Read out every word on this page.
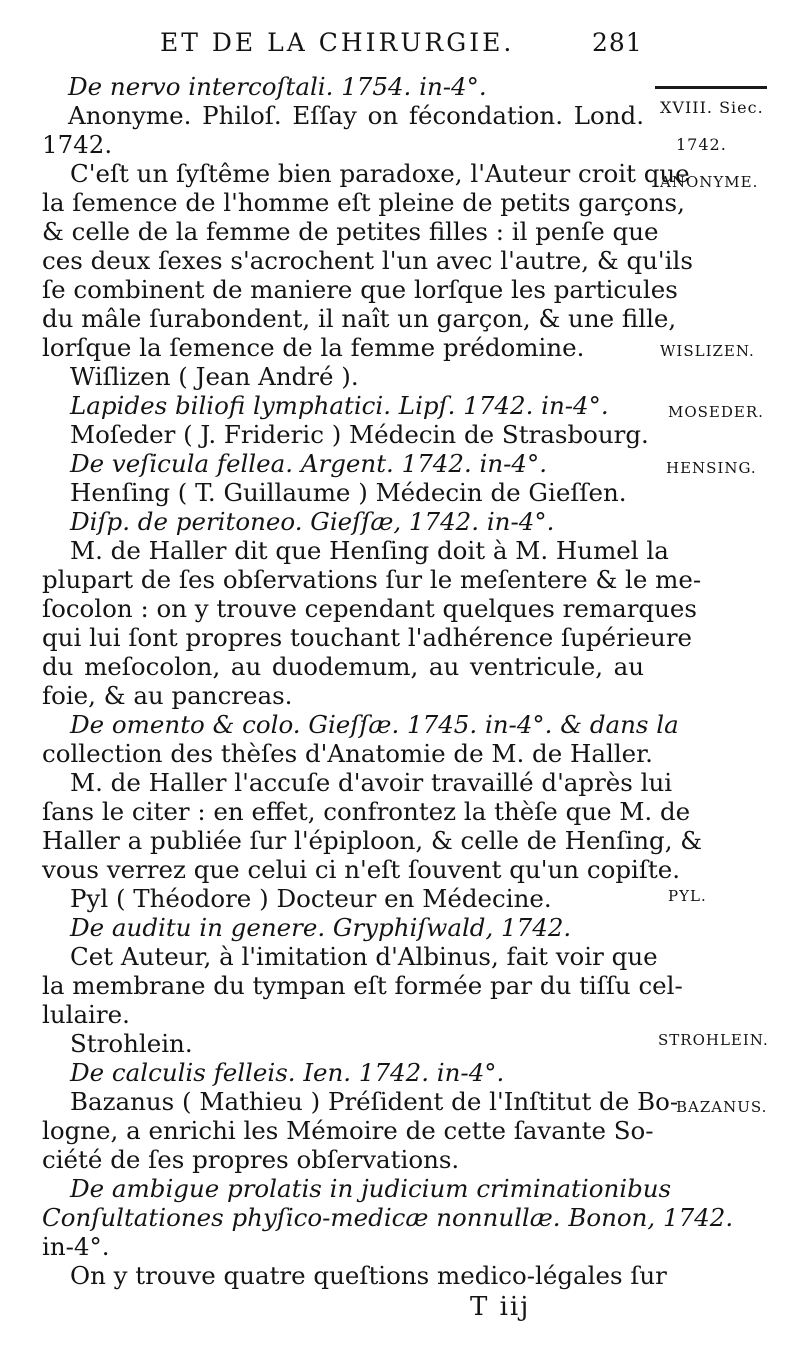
ET DE LA CHIRURGIE.	281
XVIII. Siec.
1742.
ANONYME.
WISLIZEN.
MOSEDER.
HENSING.
PYL.
STROHLEIN.
BAZANUS.
De nervo intercoſtali. 1754. in-4°.
Anonyme. Philoſ. Eſſay on fécondation. Lond.
1742.
C'eſt un ſyſtême bien paradoxe, l'Auteur croit que
la ſemence de l'homme eſt pleine de petits garçons,
& celle de la femme de petites filles : il penſe que
ces deux ſexes s'acrochent l'un avec l'autre, & qu'ils
ſe combinent de maniere que lorſque les particules
du mâle ſurabondent, il naît un garçon, & une fille,
lorſque la ſemence de la femme prédomine.
Wiſlizen ( Jean André ).
Lapides biliofi lymphatici. Lipſ. 1742. in-4°.
Moſeder ( J. Frideric ) Médecin de Strasbourg.
De veſicula fellea. Argent. 1742. in-4°.
Henſing ( T. Guillaume ) Médecin de Gieſſen.
Diſp. de peritoneo. Gieſſæ, 1742. in-4°.
M. de Haller dit que Henſing doit à M. Humel la
plupart de ſes obſervations ſur le meſentere & le me-
ſocolon : on y trouve cependant quelques remarques
qui lui ſont propres touchant l'adhérence ſupérieure
du meſocolon, au duodemum, au ventricule, au
foie, & au pancreas.
De omento & colo. Gieſſæ. 1745. in-4°. & dans la
collection des thèſes d'Anatomie de M. de Haller.
M. de Haller l'accuſe d'avoir travaillé d'après lui
ſans le citer : en effet, confrontez la thèſe que M. de
Haller a publiée ſur l'épiploon, & celle de Henſing, &
vous verrez que celui ci n'eſt ſouvent qu'un copiſte.
Pyl ( Théodore ) Docteur en Médecine.
De auditu in genere. Gryphiſwald, 1742.
Cet Auteur, à l'imitation d'Albinus, fait voir que
la membrane du tympan eſt formée par du tiſſu cel-
lulaire.
Strohlein.
De calculis felleis. Ien. 1742. in-4°.
Bazanus ( Mathieu ) Préſident de l'Inſtitut de Bo-
logne, a enrichi les Mémoire de cette ſavante So-
ciété de ſes propres obſervations.
De ambigue prolatis in judicium criminationibus
Conſultationes phyſico-medicæ nonnullæ. Bonon, 1742.
in-4°.
On y trouve quatre queſtions medico-légales ſur
T iij
